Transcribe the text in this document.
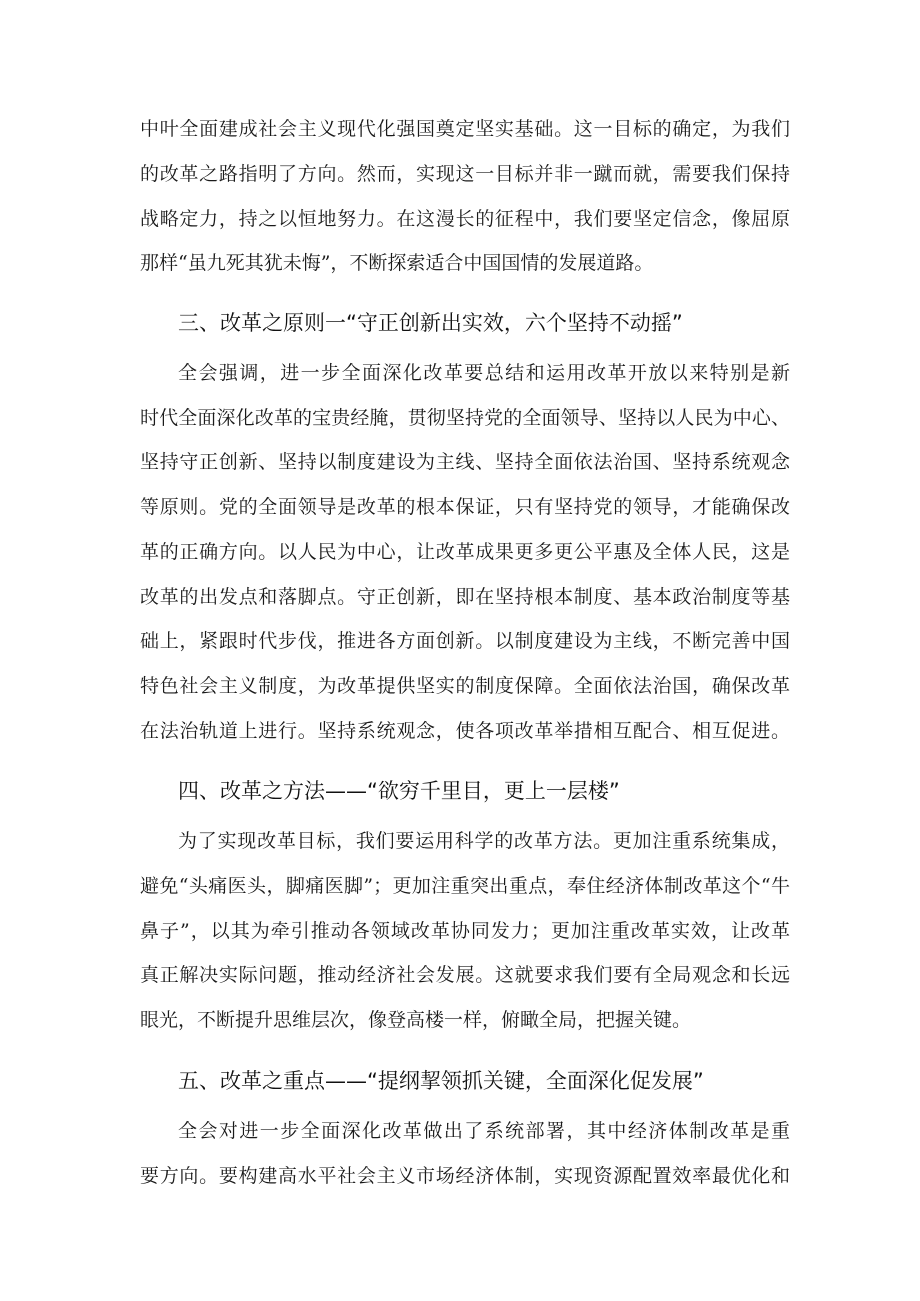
中叶全面建成社会主义现代化强国奠定坚实基础。这一目标的确定，为我们
的改革之路指明了方向。然而，实现这一目标并非一蹴而就，需要我们保持
战略定力，持之以恒地努力。在这漫长的征程中，我们要坚定信念，像屈原
那样“虽九死其犹未悔”，不断探索适合中国国情的发展道路。
三、改革之原则一“守正创新出实效，六个坚持不动摇”
全会强调，进一步全面深化改革要总结和运用改革开放以来特别是新
时代全面深化改革的宝贵经腌，贯彻坚持党的全面领导、坚持以人民为中心、
坚持守正创新、坚持以制度建设为主线、坚持全面依法治国、坚持系统观念
等原则。党的全面领导是改革的根本保证，只有坚持党的领导，才能确保改
革的正确方向。以人民为中心，让改革成果更多更公平惠及全体人民，这是
改革的出发点和落脚点。守正创新，即在坚持根本制度、基本政治制度等基
础上，紧跟时代步伐，推进各方面创新。以制度建设为主线，不断完善中国
特色社会主义制度，为改革提供坚实的制度保障。全面依法治国，确保改革
在法治轨道上进行。坚持系统观念，使各项改革举措相互配合、相互促进。
四、改革之方法——“欲穷千里目，更上一层楼”
为了实现改革目标，我们要运用科学的改革方法。更加注重系统集成，
避免“头痛医头，脚痛医脚”；更加注重突出重点，奉住经济体制改革这个“牛
鼻子”，以其为牵引推动各领域改革协同发力；更加注重改革实效，让改革
真正解决实际问题，推动经济社会发展。这就要求我们要有全局观念和长远
眼光，不断提升思维层次，像登高楼一样，俯瞰全局，把握关键。
五、改革之重点——“提纲挈领抓关键，全面深化促发展”
全会对进一步全面深化改革做出了系统部署，其中经济体制改革是重
要方向。要构建高水平社会主义市场经济体制，实现资源配置效率最优化和
